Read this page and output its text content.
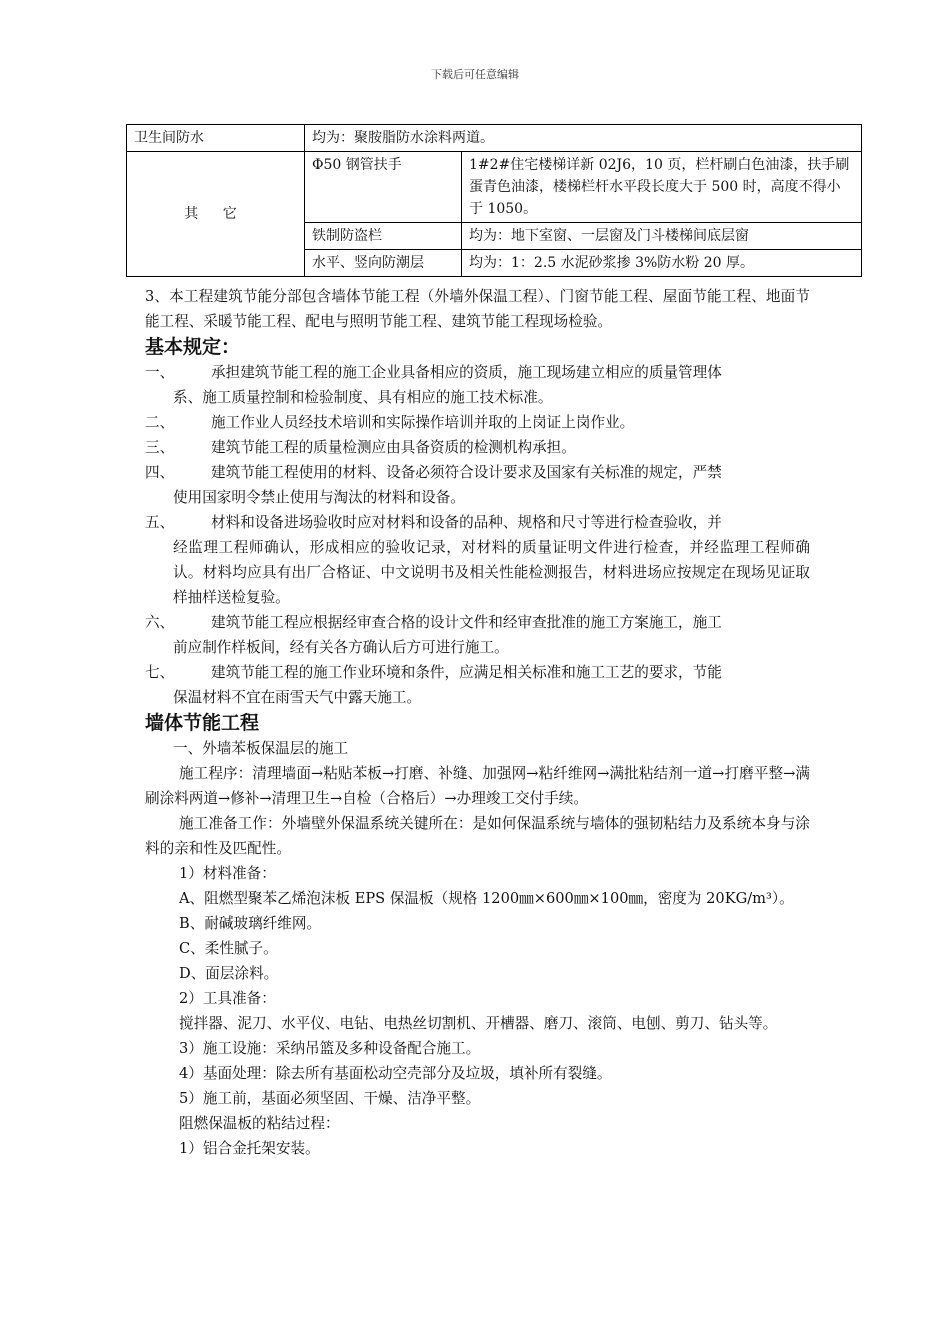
下载后可任意编辑
卫生间防水	均为：聚胺脂防水涂料两道。	
其 它	Φ50 钢管扶手	1#2#住宅楼梯详新 02J6，10 页，栏杆刷白色油漆，扶手刷蛋青色油漆，楼梯栏杆水平段长度大于 500 时，高度不得小于 1050。
	铁制防盗栏	均为：地下室窗、一层窗及门斗楼梯间底层窗
	水平、竖向防潮层	均为：1：2.5 水泥砂浆掺 3%防水粉 20 厚。

3、本工程建筑节能分部包含墙体节能工程（外墙外保温工程）、门窗节能工程、屋面节能工程、地面节能工程、采暖节能工程、配电与照明节能工程、建筑节能工程现场检验。

基本规定：

一、	承担建筑节能工程的施工企业具备相应的资质，施工现场建立相应的质量管理体

系、施工质量控制和检验制度、具有相应的施工技术标准。

二、	施工作业人员经技术培训和实际操作培训并取的上岗证上岗作业。
三、	建筑节能工程的质量检测应由具备资质的检测机构承担。
四、	建筑节能工程使用的材料、设备必须符合设计要求及国家有关标准的规定，严禁

使用国家明令禁止使用与淘汰的材料和设备。

五、	材料和设备进场验收时应对材料和设备的品种、规格和尺寸等进行检查验收，并

经监理工程师确认，形成相应的验收记录，对材料的质量证明文件进行检查，并经监理工程师确认。材料均应具有出厂合格证、中文说明书及相关性能检测报告，材料进场应按规定在现场见证取样抽样送检复验。

六、	建筑节能工程应根据经审查合格的设计文件和经审查批准的施工方案施工，施工

前应制作样板间，经有关各方确认后方可进行施工。

七、	建筑节能工程的施工作业环境和条件，应满足相关标准和施工工艺的要求，节能

保温材料不宜在雨雪天气中露天施工。

墙体节能工程

一、外墙苯板保温层的施工

施工程序：清理墙面→粘贴苯板→打磨、补缝、加强网→粘纤维网→满批粘结剂一道→打磨平整→满刷涂料两道→修补→清理卫生→自检（合格后）→办理竣工交付手续。

施工准备工作：外墙壁外保温系统关键所在：是如何保温系统与墙体的强韧粘结力及系统本身与涂料的亲和性及匹配性。

1）材料准备：

A、阻燃型聚苯乙烯泡沫板 EPS 保温板（规格 1200㎜×600㎜×100㎜，密度为 20KG/m³）。

B、耐碱玻璃纤维网。

C、柔性腻子。

D、面层涂料。

2）工具准备：

搅拌器、泥刀、水平仪、电钻、电热丝切割机、开槽器、磨刀、滚筒、电刨、剪刀、钻头等。

3）施工设施：采纳吊篮及多种设备配合施工。

4）基面处理：除去所有基面松动空壳部分及垃圾，填补所有裂缝。

5）施工前，基面必须坚固、干燥、洁净平整。

阻燃保温板的粘结过程：

1）铝合金托架安装。
